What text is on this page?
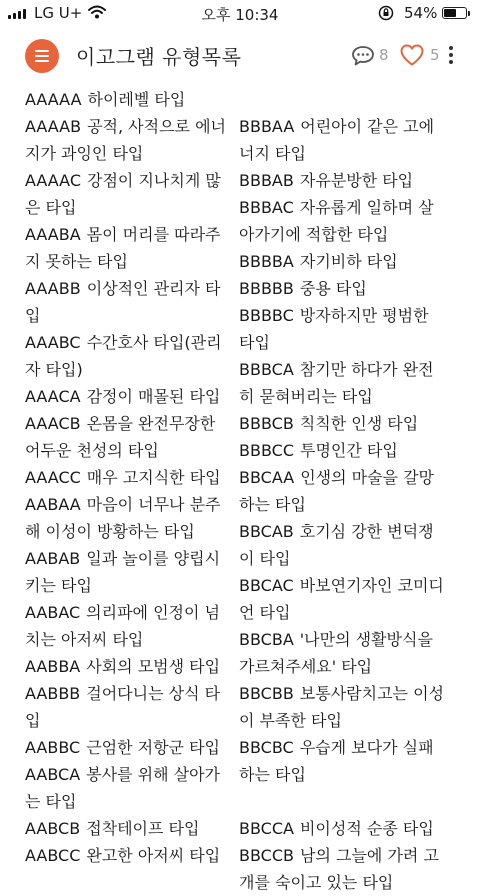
LG U+	오후 10:34	54%
이고그램 유형목록	8	5
AAAAA 하이레벨 타입
AAAAB 공적, 사적으로 에너지가 과잉인 타입
AAAAC 강점이 지나치게 많은 타입
AAABA 몸이 머리를 따라주지 못하는 타입
AAABB 이상적인 관리자 타입
AAABC 수간호사 타입(관리자 타입)
AAACA 감정이 매몰된 타입
AAACB 온몸을 완전무장한 어두운 천성의 타입
AAACC 매우 고지식한 타입
AABAA 마음이 너무나 분주해 이성이 방황하는 타입
AABAB 일과 놀이를 양립시키는 타입
AABAC 의리파에 인정이 넘치는 아저씨 타입
AABBA 사회의 모범생 타입
AABBB 걸어다니는 상식 타입
AABBC 근엄한 저항군 타입
AABCA 봉사를 위해 살아가는 타입
AABCB 접착테이프 타입
AABCC 완고한 아저씨 타입
BBBAA 어린아이 같은 고에너지 타입
BBBAB 자유분방한 타입
BBBAC 자유롭게 일하며 살아가기에 적합한 타입
BBBBA 자기비하 타입
BBBBB 중용 타입
BBBBC 방자하지만 평범한 타입
BBBCA 참기만 하다가 완전히 묻혀버리는 타입
BBBCB 칙칙한 인생 타입
BBBCC 투명인간 타입
BBCAA 인생의 마술을 갈망하는 타입
BBCAB 호기심 강한 변덕쟁이 타입
BBCAC 바보연기자인 코미디언 타입
BBCBA '나만의 생활방식을 가르쳐주세요' 타입
BBCBB 보통사람치고는 이성이 부족한 타입
BBCBC 우습게 보다가 실패하는 타입
BBCCA 비이성적 순종 타입
BBCCB 남의 그늘에 가려 고개를 숙이고 있는 타입
